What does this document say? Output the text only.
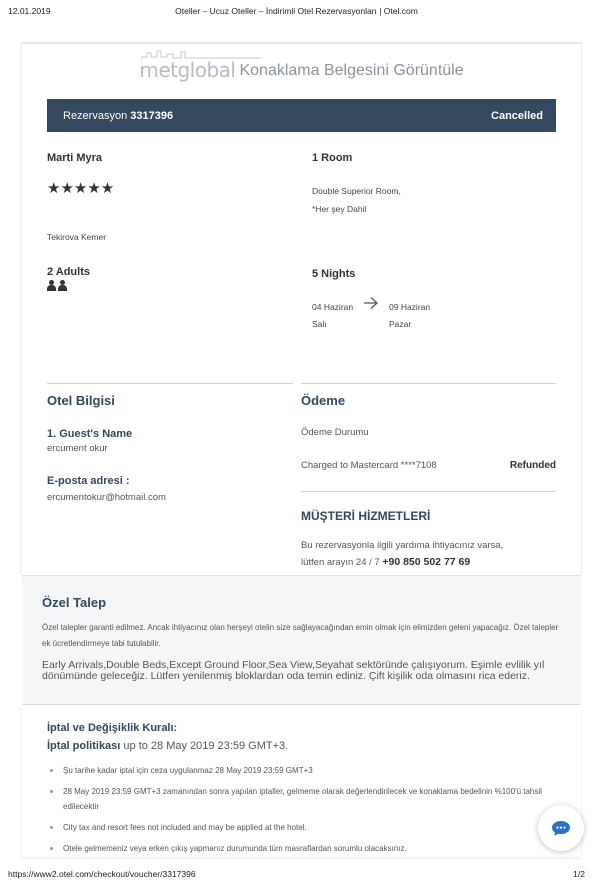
12.01.2019	Oteller – Ucuz Oteller – İndirimli Otel Rezervasyonları | Otel.com
metglobal Konaklama Belgesini Görüntüle
Rezervasyon 3317396	Cancelled
Marti Myra
★★★★★
Tekirova Kemer
2 Adults
1 Room
Double Superior Room,
*Her şey Dahil
5 Nights
04 Haziran
Salı
09 Haziran
Pazar
Otel Bilgisi
1. Guest's Name
ercument okur
E-posta adresi :
ercumentokur@hotmail.com
Ödeme
Ödeme Durumu
Charged to Mastercard ****7108	Refunded
MÜŞTERİ HİZMETLERİ
Bu rezervasyonla ilgili yardıma ihtiyacınız varsa,
lütfen arayın 24 / 7 +90 850 502 77 69
Özel Talep
Özel talepler garanti edilmez. Ancak ihtiyacınız olan herşeyi otelin size sağlayacağından emin olmak için elimizden geleni yapacağız. Özel talepler ek ücretlendirmeye tabi tutulabilir.
Early Arrivals,Double Beds,Except Ground Floor,Sea View,Seyahat sektöründe çalışıyorum. Eşimle evlilik yıl dönümünde geleceğiz. Lütfen yenilenmiş bloklardan oda temin ediniz. Çift kişilik oda olmasını rica ederiz.
İptal ve Değişiklik Kuralı:
İptal politikası up to 28 May 2019 23:59 GMT+3.
Şu tarihe kadar iptal için ceza uygulanmaz 28 May 2019 23:59 GMT+3
28 May 2019 23:59 GMT+3 zamanından sonra yapılan iptaller, gelmeme olarak değerlendirilecek ve konaklama bedelinin %100'ü tahsil edilecektir
City tax and resort fees not included and may be applied at the hotel.
Otele gelmemeniz veya erken çıkış yapmanız durumunda tüm masraflardan sorumlu olacaksınız.
https://www2.otel.com/checkout/voucher/3317396	1/2
